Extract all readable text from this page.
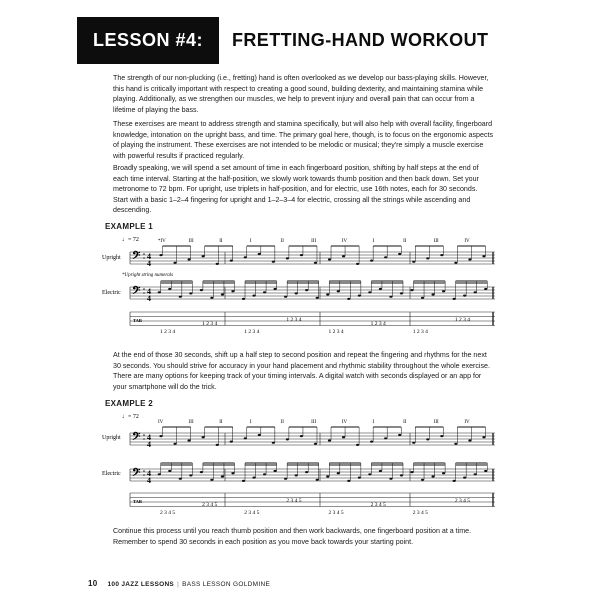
LESSON #4: FRETTING-HAND WORKOUT

The strength of our non-plucking (i.e., fretting) hand is often overlooked as we develop our bass-playing skills. However, this hand is critically important with respect to creating a good sound, building dexterity, and maintaining stamina while playing. Additionally, as we strengthen our muscles, we help to prevent injury and overall pain that can occur from a lifetime of playing the bass.

These exercises are meant to address strength and stamina specifically, but will also help with overall facility, fingerboard knowledge, intonation on the upright bass, and time. The primary goal here, though, is to focus on the ergonomic aspects of playing the instrument. These exercises are not intended to be melodic or musical; they're simply a muscle exercise with powerful results if practiced regularly.

Broadly speaking, we will spend a set amount of time in each fingerboard position, shifting by half steps at the end of each time interval. Starting at the half-position, we slowly work towards thumb position and then back down. Set your metronome to 72 bpm. For upright, use triplets in half-position, and for electric, use 16th notes, each for 30 seconds. Start with a basic 1–2–4 fingering for upright and 1–2–3–4 for electric, crossing all the strings while ascending and descending.

EXAMPLE 1
♩= 72
Upright
Electric
*Upright string numerals
𝄢 4
4
*IV	III	II	I	II	III	IV	I	II	III	IV
𝄢 4
4
TAB
1 2 3 4
1 2 3 4
1 2 3 4
1 2 3 4
1 2 3 4
1 2 3 4
1 2 3 4
1 2 3 4

At the end of those 30 seconds, shift up a half step to second position and repeat the fingering and rhythms for the next 30 seconds. You should strive for accuracy in your hand placement and rhythmic stability throughout the whole exercise. There are many options for keeping track of your timing intervals. A digital watch with seconds displayed or an app for your smartphone will do the trick.

EXAMPLE 2
♩= 72
Upright
Electric
𝄢 4
4
IV	III	II	I	II	III	IV	I	II	III	IV
𝄢 4
4
TAB
2 3 4 5
2 3 4 5
2 3 4 5
2 3 4 5
2 3 4 5
2 3 4 5
2 3 4 5
2 3 4 5

Continue this process until you reach thumb position and then work backwards, one fingerboard position at a time. Remember to spend 30 seconds in each position as you move back towards your starting point.

10 100 JAZZ LESSONS | BASS LESSON GOLDMINE
